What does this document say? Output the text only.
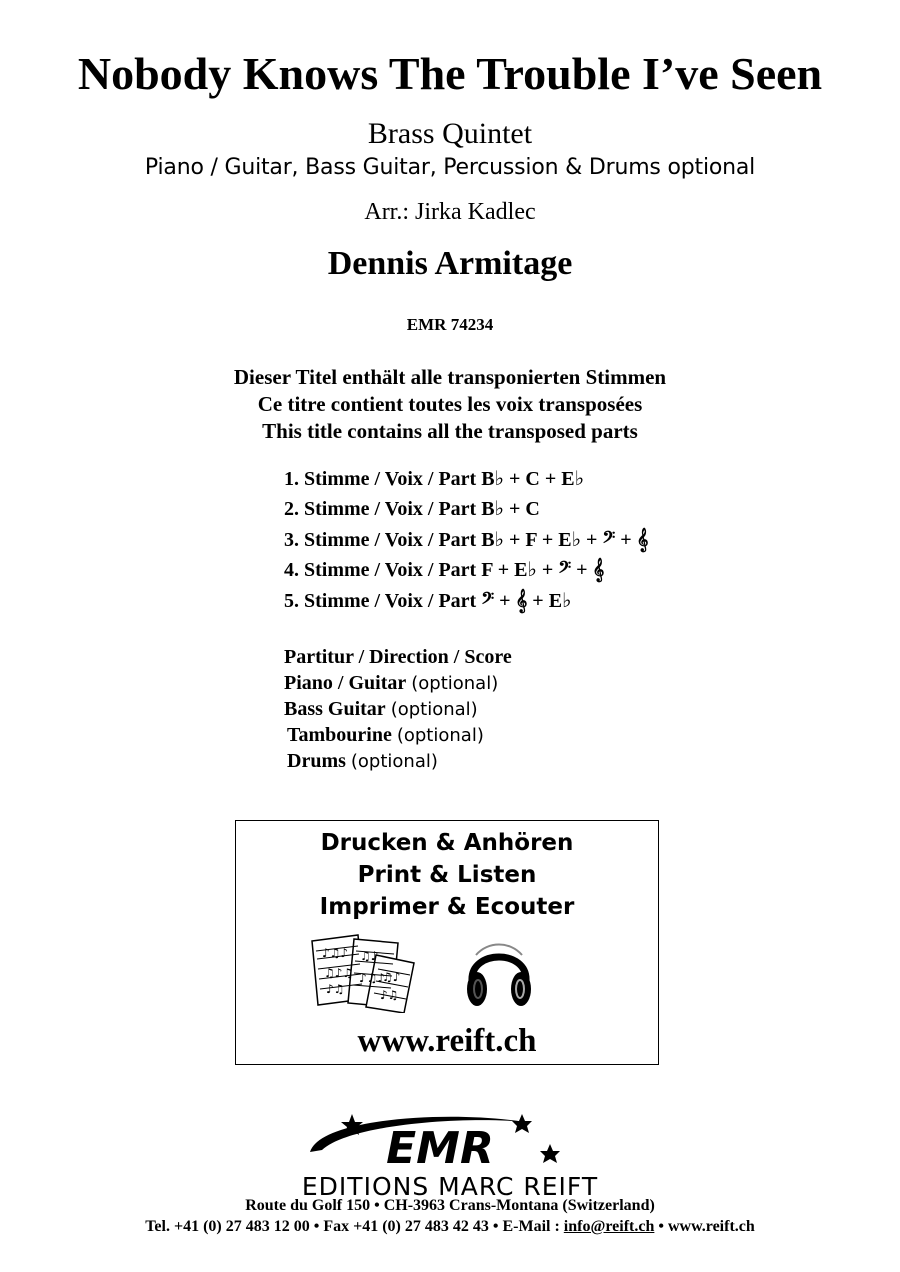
Nobody Knows The Trouble I’ve Seen
Brass Quintet
Piano / Guitar, Bass Guitar, Percussion & Drums optional
Arr.: Jirka Kadlec
Dennis Armitage
EMR 74234
Dieser Titel enthält alle transponierten Stimmen
Ce titre contient toutes les voix transposées
This title contains all the transposed parts
1. Stimme / Voix / Part B♭ + C + E♭
2. Stimme / Voix / Part B♭ + C
3. Stimme / Voix / Part B♭ + F + E♭ + 𝄢 + 𝄞
4. Stimme / Voix / Part F + E♭ + 𝄢 + 𝄞
5. Stimme / Voix / Part 𝄢 + 𝄞 + E♭
Partitur / Direction / Score
Piano / Guitar (optional)
Bass Guitar (optional)
Tambourine (optional)
Drums (optional)
Drucken & Anhören
Print & Listen
Imprimer & Ecouter
♪♫♪
♫♪♫
♪♫
♫♪
♪♫♪
♫♪
♪♫
www.reift.ch
EMR
EDITIONS MARC REIFT
Route du Golf 150 • CH-3963 Crans-Montana (Switzerland)
Tel. +41 (0) 27 483 12 00 • Fax +41 (0) 27 483 42 43 • E-Mail : info@reift.ch • www.reift.ch
